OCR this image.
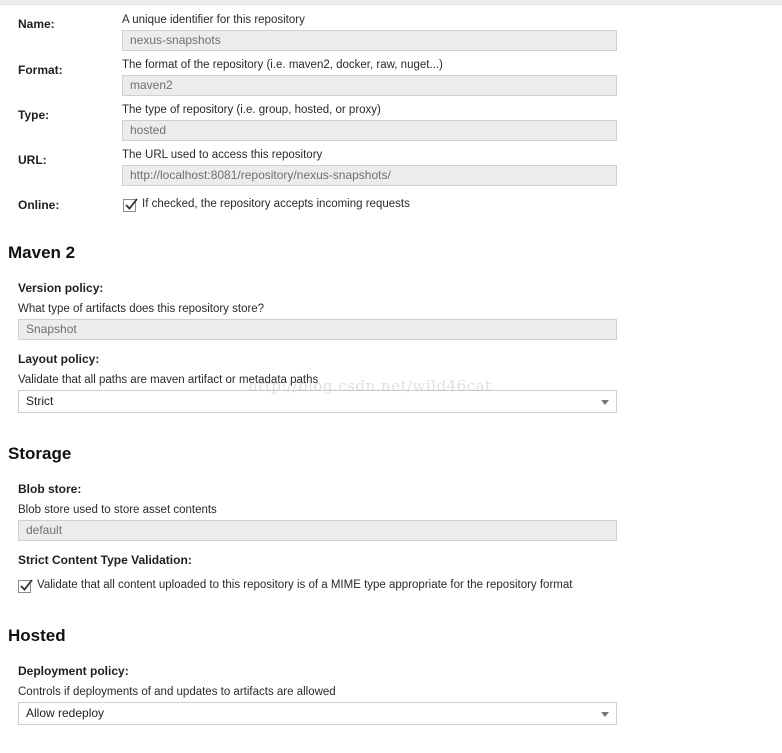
Name:	A unique identifier for this repository
nexus-snapshots
Format:	The format of the repository (i.e. maven2, docker, raw, nuget...)
maven2
Type:	The type of repository (i.e. group, hosted, or proxy)
hosted
URL:	The URL used to access this repository
http://localhost:8081/repository/nexus-snapshots/
Online:	If checked, the repository accepts incoming requests
Maven 2
Version policy:
What type of artifacts does this repository store?
Snapshot
Layout policy:
Validate that all paths are maven artifact or metadata paths
Strict
http://blog.csdn.net/wild46cat
Storage
Blob store:
Blob store used to store asset contents
default
Strict Content Type Validation:
Validate that all content uploaded to this repository is of a MIME type appropriate for the repository format
Hosted
Deployment policy:
Controls if deployments of and updates to artifacts are allowed
Allow redeploy
